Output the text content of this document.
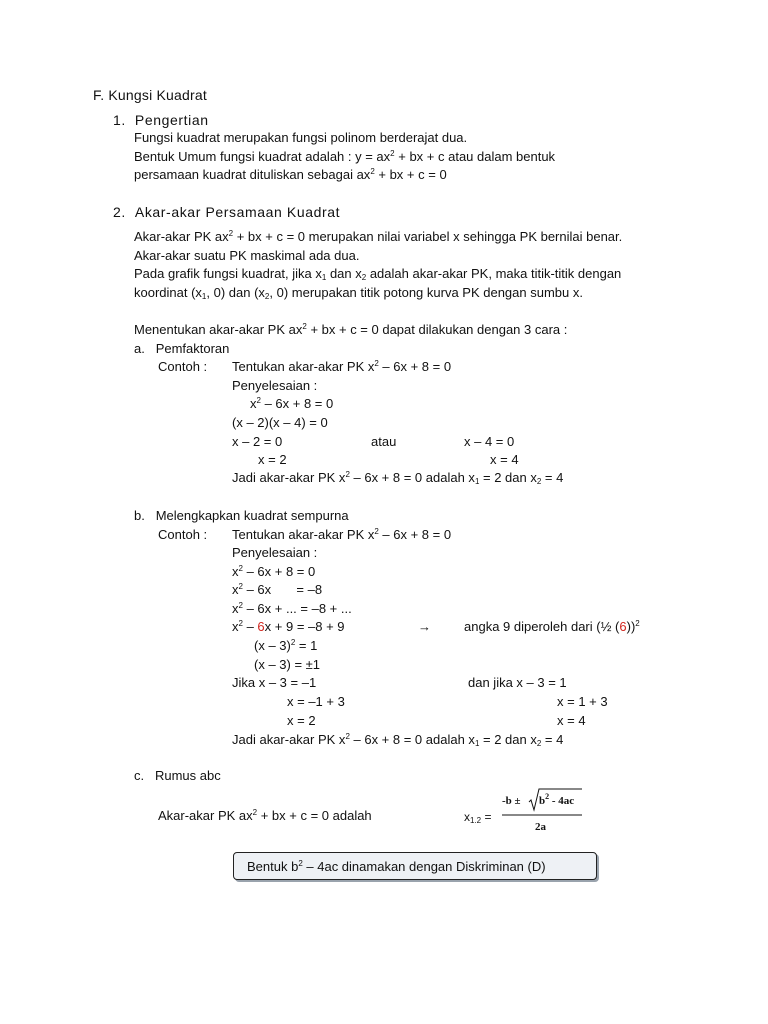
F. Kungsi Kuadrat
1. Pengertian
Fungsi kuadrat merupakan fungsi polinom berderajat dua.
Bentuk Umum fungsi kuadrat adalah : $y = ax^2$ + bx + c atau dalam bentuk
persamaan kuadrat dituliskan sebagai $ax^2$ + bx + c = 0
2. Akar-akar Persamaan Kuadrat
Akar-akar PK $ax^2$ + bx + c = 0 merupakan nilai variabel x sehingga PK bernilai benar.
Akar-akar suatu PK maskimal ada dua.
Pada grafik fungsi kuadrat, jika $x_1$ dan $x_2$ adalah akar-akar PK, maka titik-titik dengan
koordinat ($x_1$, 0) dan ($x_2$, 0) merupakan titik potong kurva PK dengan sumbu x.
Menentukan akar-akar PK $ax^2$ + bx + c = 0 dapat dilakukan dengan 3 cara :
a. Pemfaktoran
Contoh : Tentukan akar-akar PK $x^2 - 6x + 8 = 0$
Penyelesaian :
$x^2 - 6x + 8 = 0$
(x – 2)(x – 4) = 0
x – 2 = 0	atau	x – 4 = 0
x = 2	x = 4
Jadi akar-akar PK $x^2 - 6x + 8 = 0$ adalah $x_1 = 2$ dan $x_2 = 4$
b. Melengkapkan kuadrat sempurna
Contoh : Tentukan akar-akar PK $x^2 - 6x + 8 = 0$
Penyelesaian :
$x^2 - 6x + 8 = 0$
$x^2 - 6x$       = –8
$x^2 - 6x$ + ... = –8 + ...
$x^2 - 6x + 9 = -8 + 9$	→	angka 9 diperoleh dari (½ (6))$^2$
(x – 3)$^2$ = 1
(x – 3) = ±1
Jika x – 3 = –1	dan jika x – 3 = 1
x = –1 + 3	x = 1 + 3
x = 2	x = 4
Jadi akar-akar PK $x^2 - 6x + 8 = 0$ adalah $x_1 = 2$ dan $x_2 = 4$
c. Rumus abc
Akar-akar PK $ax^2$ + bx + c = 0 adalah	$x_{1.2}$ =
$-b \pm b^2 - 4ac$
2a
Bentuk $b^2 - 4ac$ dinamakan dengan Diskriminan (D)
